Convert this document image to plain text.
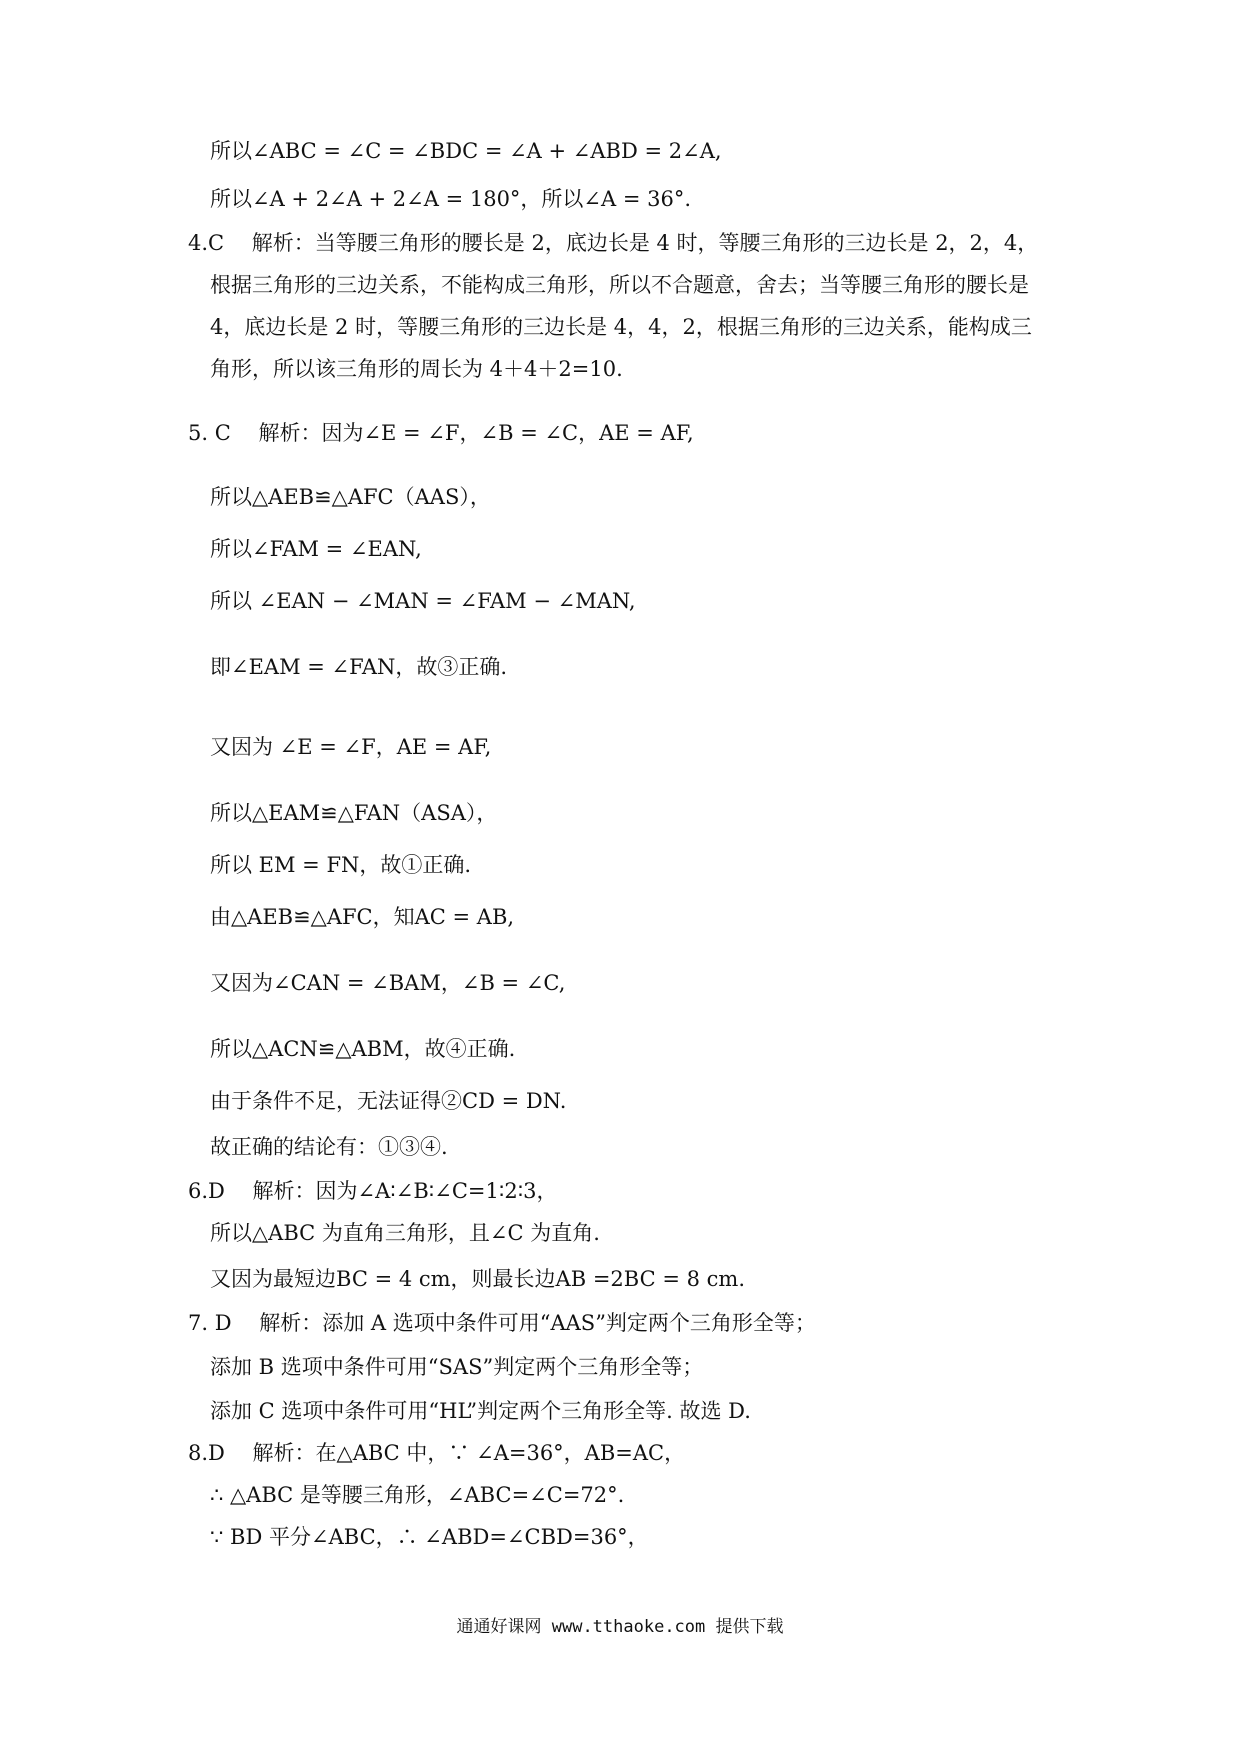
所以∠ABC = ∠C = ∠BDC = ∠A + ∠ABD = 2∠A,
所以∠A + 2∠A + 2∠A = 180°，所以∠A = 36°.
4.C　 解析：当等腰三角形的腰长是 2，底边长是 4 时，等腰三角形的三边长是 2，2，4，
根据三角形的三边关系，不能构成三角形，所以不合题意，舍去；当等腰三角形的腰长是
4，底边长是 2 时，等腰三角形的三边长是 4，4，2，根据三角形的三边关系，能构成三
角形，所以该三角形的周长为 4＋4＋2=10.
5. C　 解析：因为∠E = ∠F，∠B = ∠C，AE = AF,
所以△AEB≌△AFC（AAS），
所以∠FAM = ∠EAN,
所以 ∠EAN − ∠MAN = ∠FAM − ∠MAN,
即∠EAM = ∠FAN，故③正确.
又因为 ∠E = ∠F，AE = AF,
所以△EAM≌△FAN（ASA），
所以 EM = FN，故①正确.
由△AEB≌△AFC，知AC = AB,
又因为∠CAN = ∠BAM，∠B = ∠C,
所以△ACN≌△ABM，故④正确.
由于条件不足，无法证得②CD = DN.
故正确的结论有：①③④.
6.D　 解析：因为∠A∶∠B∶∠C=1∶2∶3，
所以△ABC 为直角三角形，且∠C 为直角.
又因为最短边BC = 4 cm，则最长边AB =2BC = 8 cm.
7. D　 解析：添加 A 选项中条件可用“AAS”判定两个三角形全等；
添加 B 选项中条件可用“SAS”判定两个三角形全等；
添加 C 选项中条件可用“HL”判定两个三角形全等. 故选 D.
8.D　 解析：在△ABC 中，∵ ∠A=36°，AB=AC，
∴ △ABC 是等腰三角形，∠ABC=∠C=72°.
∵ BD 平分∠ABC，∴ ∠ABD=∠CBD=36°，
通通好课网 www.tthaoke.com 提供下载
